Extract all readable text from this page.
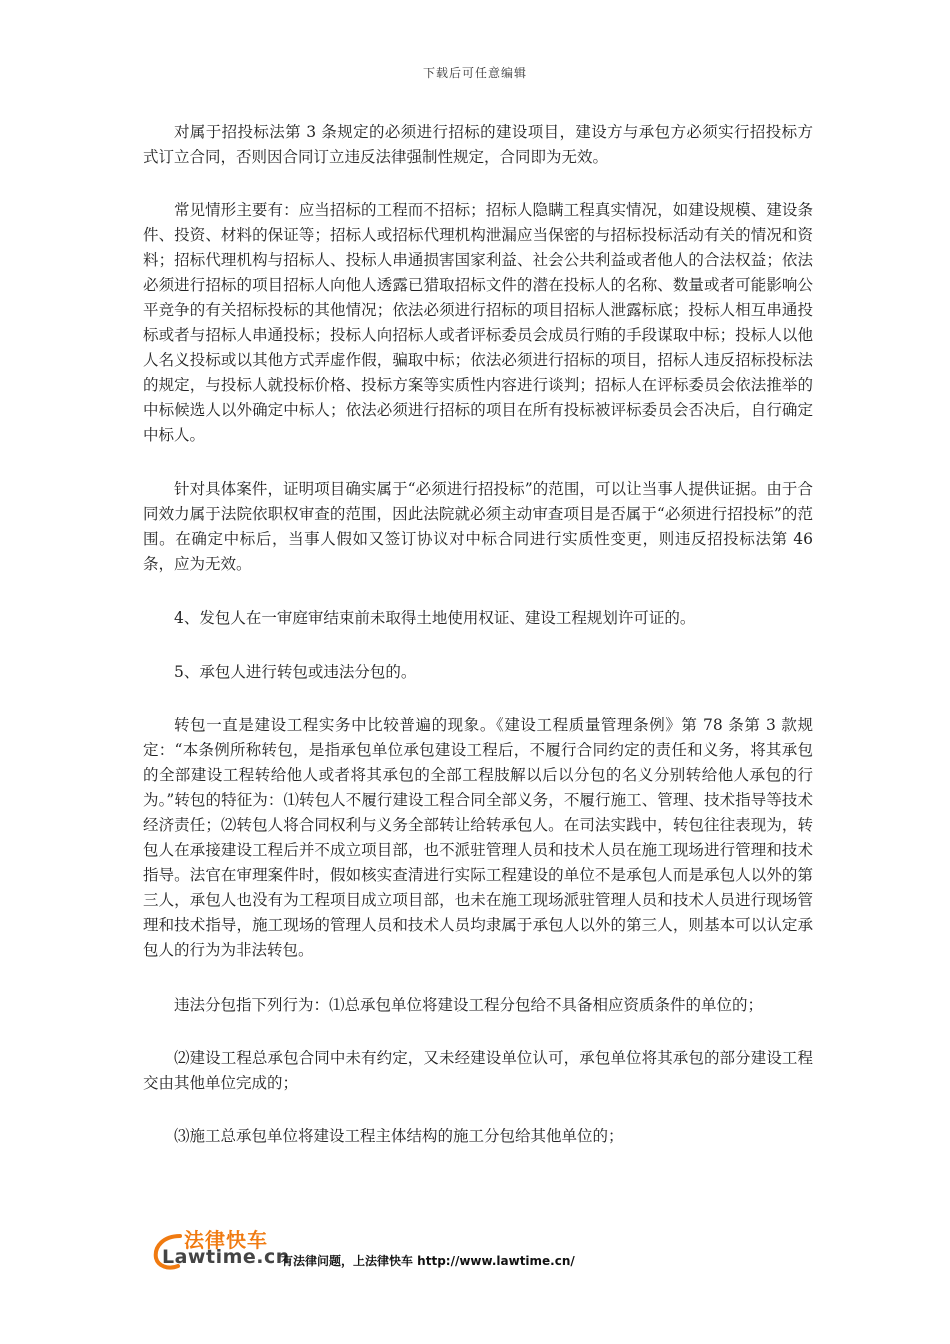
下载后可任意编辑

对属于招投标法第 3 条规定的必须进行招标的建设项目，建设方与承包方必须实行招投标方式订立合同，否则因合同订立违反法律强制性规定，合同即为无效。

常见情形主要有：应当招标的工程而不招标；招标人隐瞒工程真实情况，如建设规模、建设条件、投资、材料的保证等；招标人或招标代理机构泄漏应当保密的与招标投标活动有关的情况和资料；招标代理机构与招标人、投标人串通损害国家利益、社会公共利益或者他人的合法权益；依法必须进行招标的项目招标人向他人透露已猎取招标文件的潜在投标人的名称、数量或者可能影响公平竞争的有关招标投标的其他情况；依法必须进行招标的项目招标人泄露标底；投标人相互串通投标或者与招标人串通投标；投标人向招标人或者评标委员会成员行贿的手段谋取中标；投标人以他人名义投标或以其他方式弄虚作假，骗取中标；依法必须进行招标的项目，招标人违反招标投标法的规定，与投标人就投标价格、投标方案等实质性内容进行谈判；招标人在评标委员会依法推举的中标候选人以外确定中标人；依法必须进行招标的项目在所有投标被评标委员会否决后，自行确定中标人。

针对具体案件，证明项目确实属于“必须进行招投标”的范围，可以让当事人提供证据。由于合同效力属于法院依职权审查的范围，因此法院就必须主动审查项目是否属于“必须进行招投标”的范围。在确定中标后，当事人假如又签订协议对中标合同进行实质性变更，则违反招投标法第 46 条，应为无效。

4、发包人在一审庭审结束前未取得土地使用权证、建设工程规划许可证的。

5、承包人进行转包或违法分包的。

转包一直是建设工程实务中比较普遍的现象。《建设工程质量管理条例》第 78 条第 3 款规定：“本条例所称转包，是指承包单位承包建设工程后，不履行合同约定的责任和义务，将其承包的全部建设工程转给他人或者将其承包的全部工程肢解以后以分包的名义分别转给他人承包的行为。”转包的特征为：⑴转包人不履行建设工程合同全部义务，不履行施工、管理、技术指导等技术经济责任；⑵转包人将合同权利与义务全部转让给转承包人。在司法实践中，转包往往表现为，转包人在承接建设工程后并不成立项目部，也不派驻管理人员和技术人员在施工现场进行管理和技术指导。法官在审理案件时，假如核实查清进行实际工程建设的单位不是承包人而是承包人以外的第三人，承包人也没有为工程项目成立项目部，也未在施工现场派驻管理人员和技术人员进行现场管理和技术指导，施工现场的管理人员和技术人员均隶属于承包人以外的第三人，则基本可以认定承包人的行为为非法转包。

违法分包指下列行为：⑴总承包单位将建设工程分包给不具备相应资质条件的单位的；

⑵建设工程总承包合同中未有约定，又未经建设单位认可，承包单位将其承包的部分建设工程交由其他单位完成的；

⑶施工总承包单位将建设工程主体结构的施工分包给其他单位的；

法律快车
Lawtime.cn
有法律问题，上法律快车 http://www.lawtime.cn/
